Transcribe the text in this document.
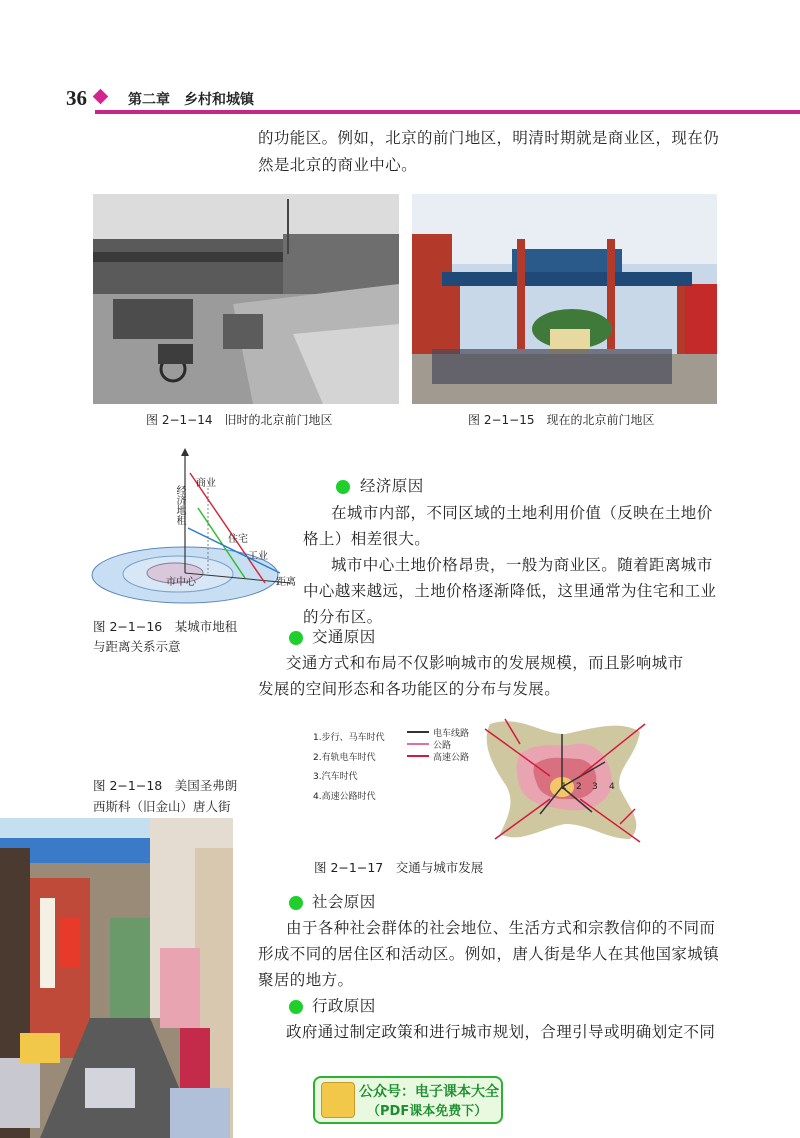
36	第二章　乡村和城镇
的功能区。例如，北京的前门地区，明清时期就是商业区，现在仍
然是北京的商业中心。
图 2−1−14　旧时的北京前门地区	图 2−1−15　现在的北京前门地区
经济地租
商业
住宅
工业
市中心	距离
图 2−1−16　某城市地租
与距离关系示意
经济原因
在城市内部，不同区域的土地利用价值（反映在土地价
格上）相差很大。
城市中心土地价格昂贵，一般为商业区。随着距离城市
中心越来越远，土地价格逐渐降低，这里通常为住宅和工业
的分布区。
交通原因
交通方式和布局不仅影响城市的发展规模，而且影响城市
发展的空间形态和各功能区的分布与发展。
1.步行、马车时代
2.有轨电车时代
3.汽车时代
4.高速公路时代
电车线路
公路
高速公路
1 2 3 4
图 2−1−17　交通与城市发展
图 2−1−18　美国圣弗朗
西斯科（旧金山）唐人街
社会原因
由于各种社会群体的社会地位、生活方式和宗教信仰的不同而
形成不同的居住区和活动区。例如，唐人街是华人在其他国家城镇
聚居的地方。
行政原因
政府通过制定政策和进行城市规划，合理引导或明确划定不同
公众号：电子课本大全
（PDF课本免费下）
